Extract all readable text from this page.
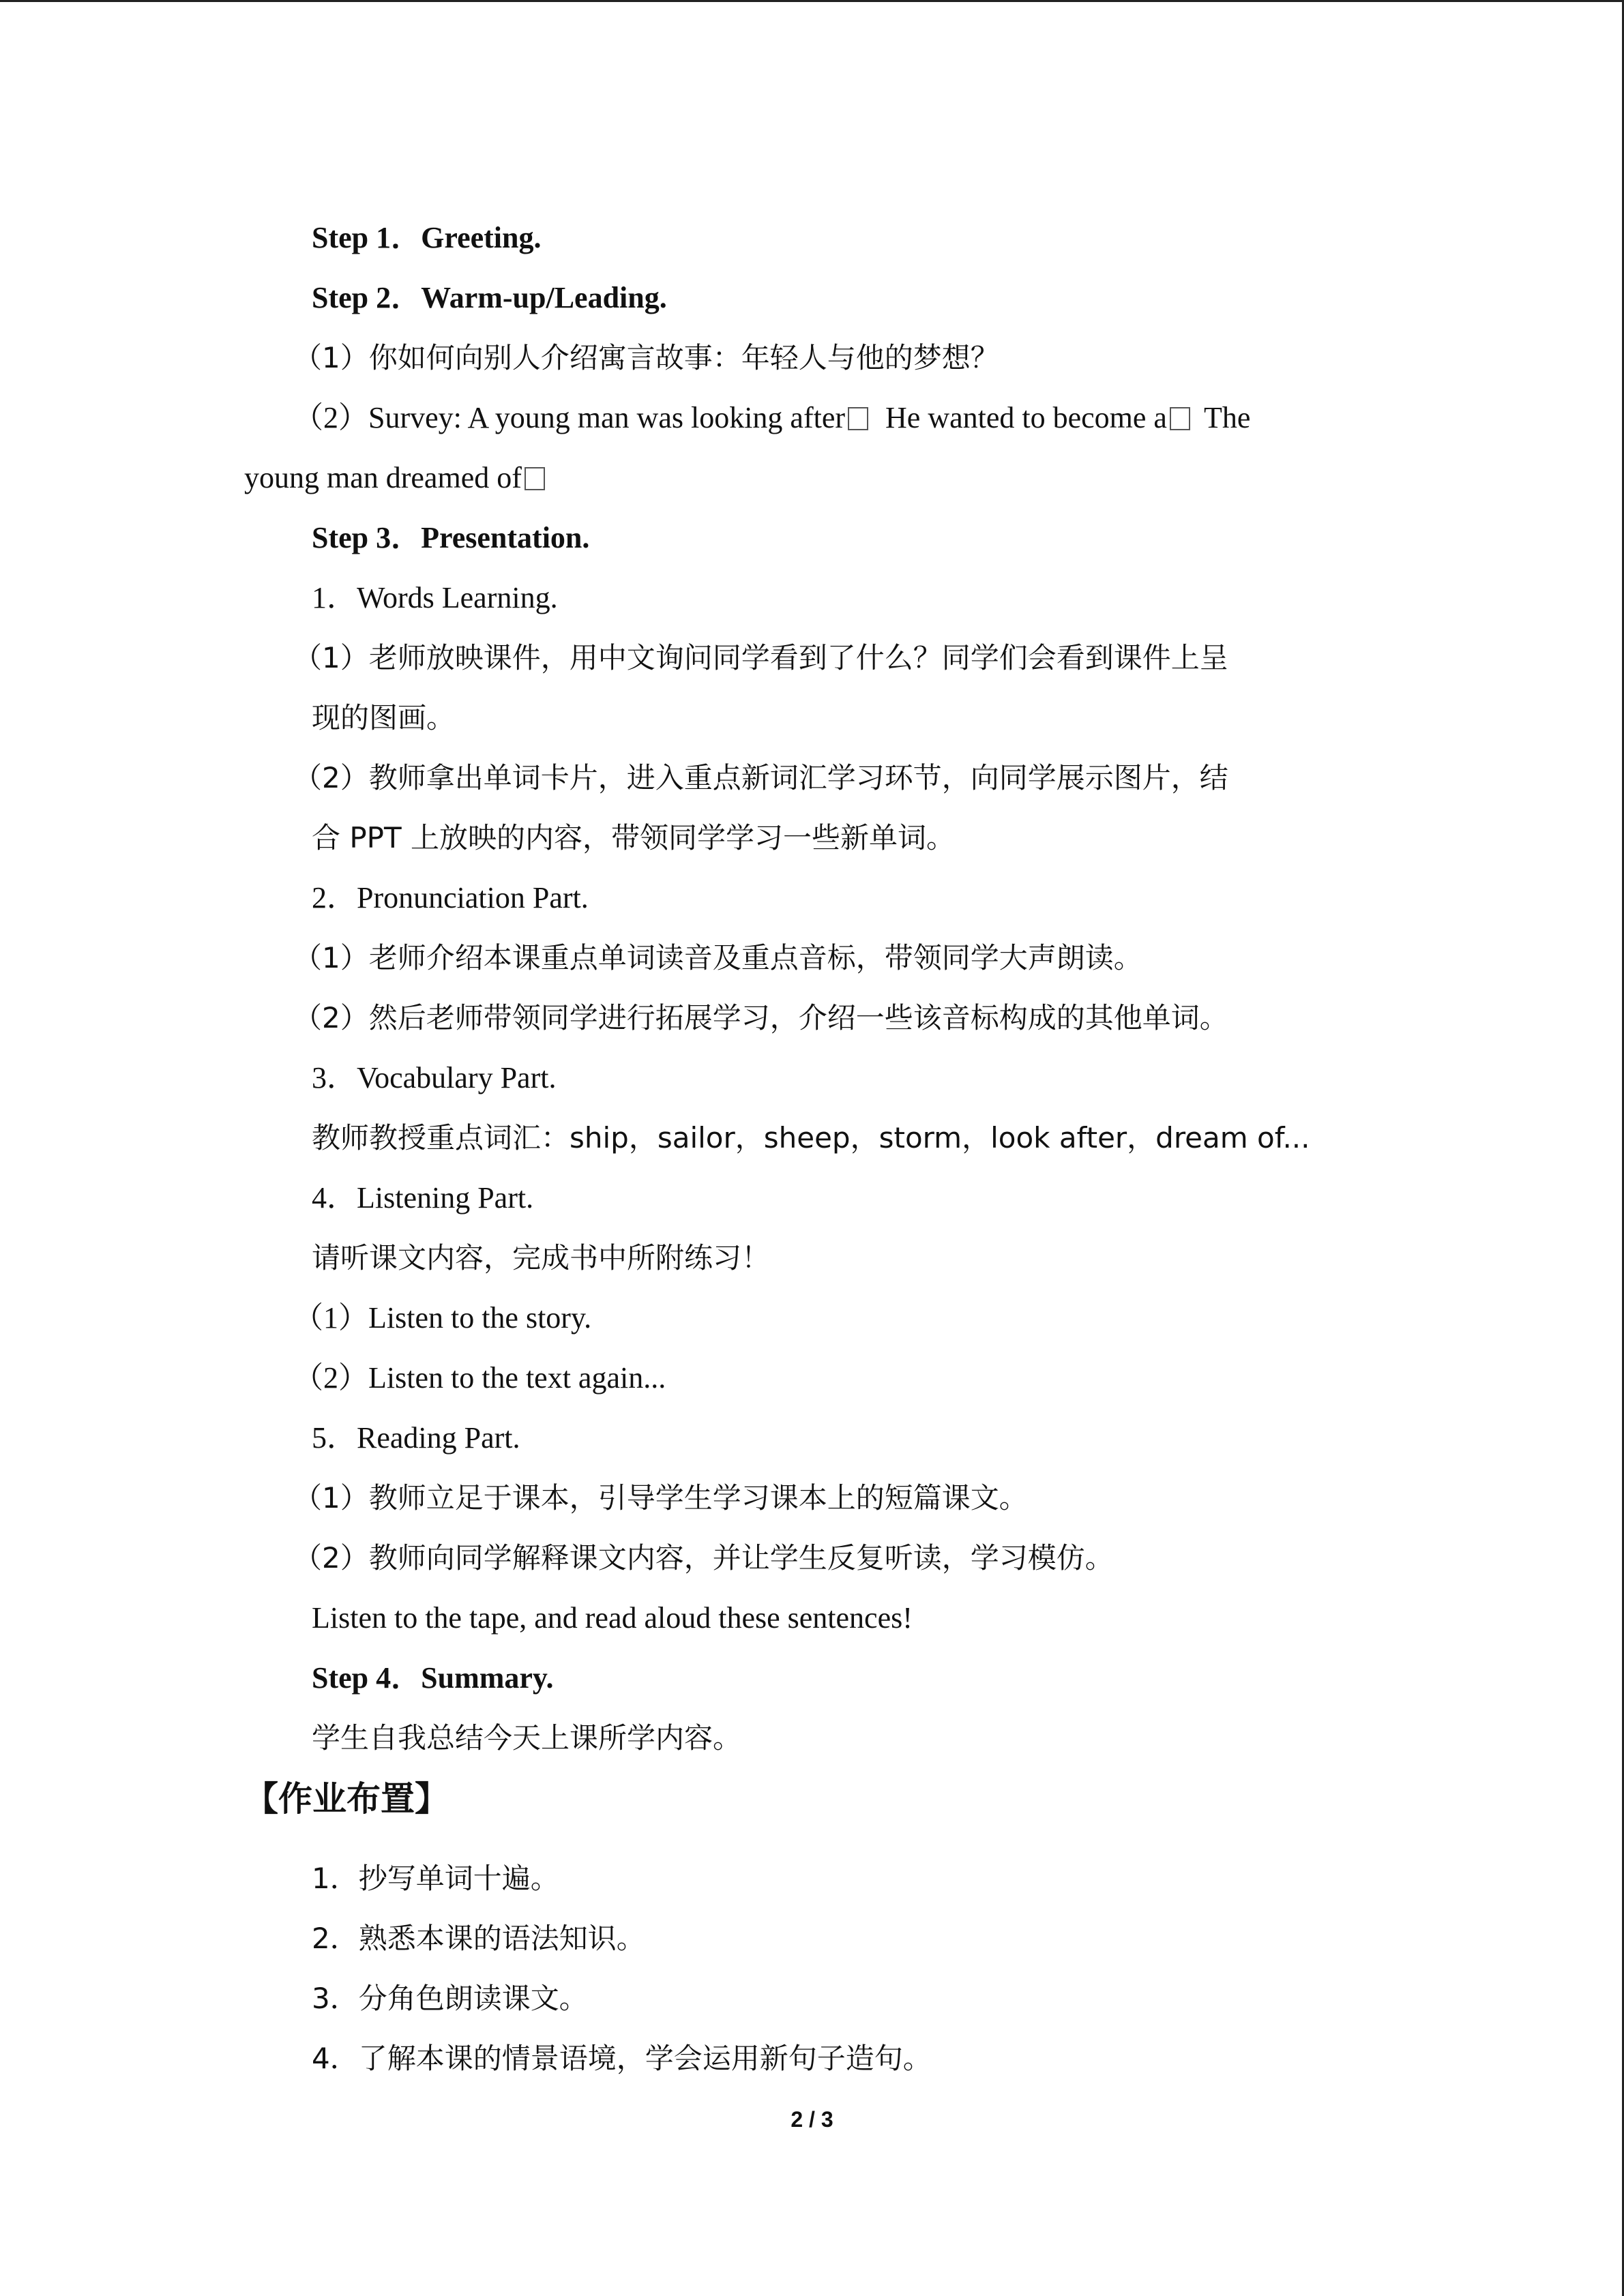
Step 1．Greeting.
Step 2．Warm-up/Leading.
（1）你如何向别人介绍寓言故事：年轻人与他的梦想？
（2）Survey: A young man was looking after He wanted to become a The
young man dreamed of
Step 3．Presentation.
1．Words Learning.
（1）老师放映课件，用中文询问同学看到了什么？同学们会看到课件上呈
现的图画。
（2）教师拿出单词卡片，进入重点新词汇学习环节，向同学展示图片，结
合 PPT 上放映的内容，带领同学学习一些新单词。
2．Pronunciation Part.
（1）老师介绍本课重点单词读音及重点音标，带领同学大声朗读。
（2）然后老师带领同学进行拓展学习，介绍一些该音标构成的其他单词。
3．Vocabulary Part.
教师教授重点词汇：ship，sailor，sheep，storm，look after，dream of...
4．Listening Part.
请听课文内容，完成书中所附练习！
（1）Listen to the story.
（2）Listen to the text again...
5．Reading Part.
（1）教师立足于课本，引导学生学习课本上的短篇课文。
（2）教师向同学解释课文内容，并让学生反复听读，学习模仿。
Listen to the tape, and read aloud these sentences!
Step 4．Summary.
学生自我总结今天上课所学内容。
【作业布置】
1．抄写单词十遍。
2．熟悉本课的语法知识。
3．分角色朗读课文。
4．了解本课的情景语境，学会运用新句子造句。
2 / 3
